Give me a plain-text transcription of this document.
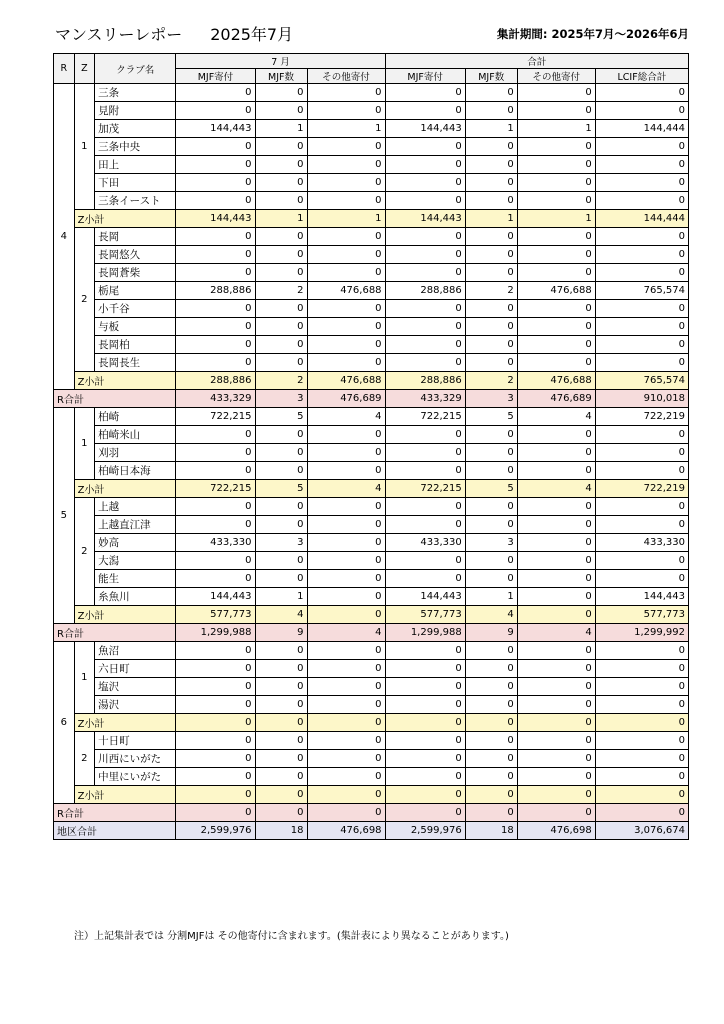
マンスリーレポー 2025年7月	集計期間: 2025年7月～2026年6月
R	Z	クラブ名	7 月			合計			
			MJF寄付	MJF数	その他寄付	MJF寄付	MJF数	その他寄付	LCIF総合計
4	1	三条	0	0	0	0	0	0	0
		見附	0	0	0	0	0	0	0
		加茂	144,443	1	1	144,443	1	1	144,444
		三条中央	0	0	0	0	0	0	0
		田上	0	0	0	0	0	0	0
		下田	0	0	0	0	0	0	0
		三条イースト	0	0	0	0	0	0	0
	Z小計		144,443	1	1	144,443	1	1	144,444
	2	長岡	0	0	0	0	0	0	0
		長岡悠久	0	0	0	0	0	0	0
		長岡蒼柴	0	0	0	0	0	0	0
		栃尾	288,886	2	476,688	288,886	2	476,688	765,574
		小千谷	0	0	0	0	0	0	0
		与板	0	0	0	0	0	0	0
		長岡柏	0	0	0	0	0	0	0
		長岡長生	0	0	0	0	0	0	0
	Z小計		288,886	2	476,688	288,886	2	476,688	765,574
R合計			433,329	3	476,689	433,329	3	476,689	910,018
5	1	柏崎	722,215	5	4	722,215	5	4	722,219
		柏崎米山	0	0	0	0	0	0	0
		刈羽	0	0	0	0	0	0	0
		柏崎日本海	0	0	0	0	0	0	0
	Z小計		722,215	5	4	722,215	5	4	722,219
	2	上越	0	0	0	0	0	0	0
		上越直江津	0	0	0	0	0	0	0
		妙高	433,330	3	0	433,330	3	0	433,330
		大潟	0	0	0	0	0	0	0
		能生	0	0	0	0	0	0	0
		糸魚川	144,443	1	0	144,443	1	0	144,443
	Z小計		577,773	4	0	577,773	4	0	577,773
R合計			1,299,988	9	4	1,299,988	9	4	1,299,992
6	1	魚沼	0	0	0	0	0	0	0
		六日町	0	0	0	0	0	0	0
		塩沢	0	0	0	0	0	0	0
		湯沢	0	0	0	0	0	0	0
	Z小計		0	0	0	0	0	0	0
	2	十日町	0	0	0	0	0	0	0
		川西にいがた	0	0	0	0	0	0	0
		中里にいがた	0	0	0	0	0	0	0
	Z小計		0	0	0	0	0	0	0
R合計			0	0	0	0	0	0	0
地区合計			2,599,976	18	476,698	2,599,976	18	476,698	3,076,674
注）上記集計表では 分割MJFは その他寄付に含まれます。(集計表により異なることがあります。)
